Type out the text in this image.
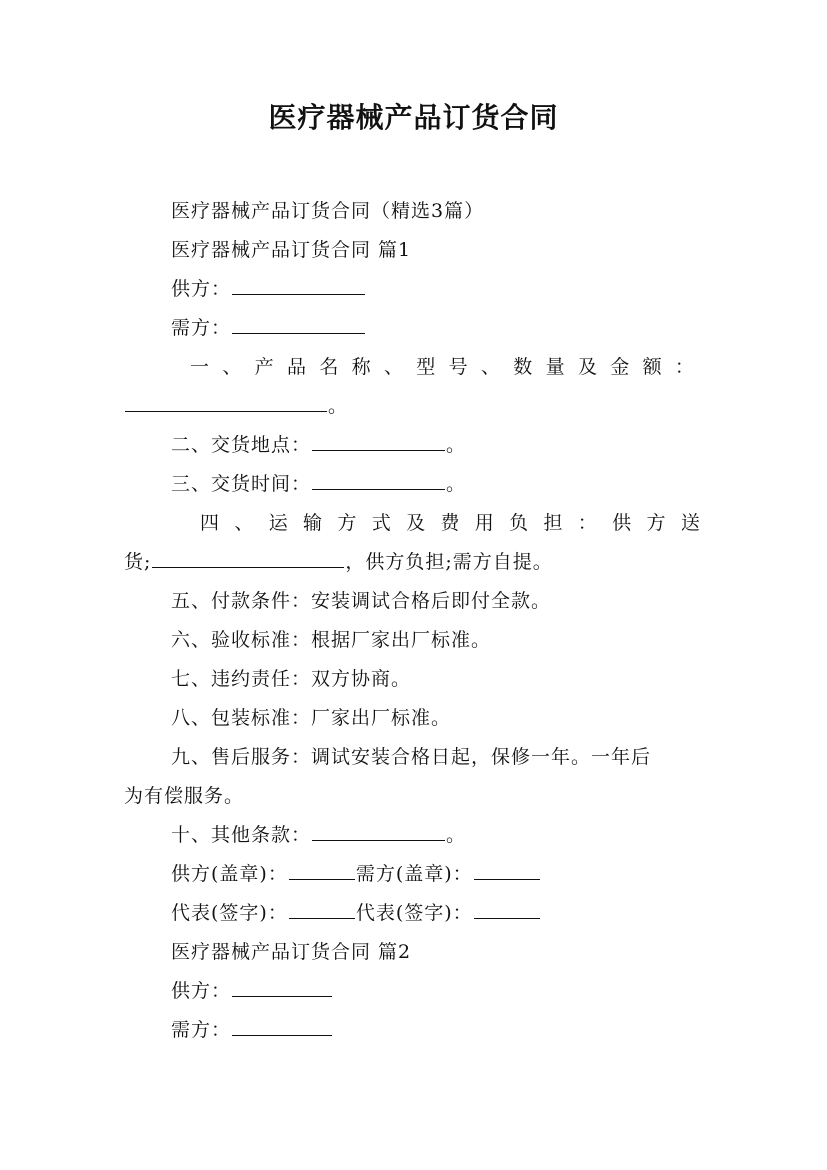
医疗器械产品订货合同
医疗器械产品订货合同（精选3篇）
医疗器械产品订货合同 篇1
供方：
需方：
一 、 产 品 名 称 、 型 号 、 数 量 及 金 额 ：
。
二、交货地点：	。
三、交货时间：	。
四 、 运 输 方 式 及 费 用 负 担 ： 供 方 送
货;	，供方负担;需方自提。
五、付款条件：安装调试合格后即付全款。
六、验收标准：根据厂家出厂标准。
七、违约责任：双方协商。
八、包装标准：厂家出厂标准。
九、售后服务：调试安装合格日起，保修一年。一年后
为有偿服务。
十、其他条款：	。
供方(盖章)：	需方(盖章)：
代表(签字)：	代表(签字)：
医疗器械产品订货合同 篇2
供方：
需方：
